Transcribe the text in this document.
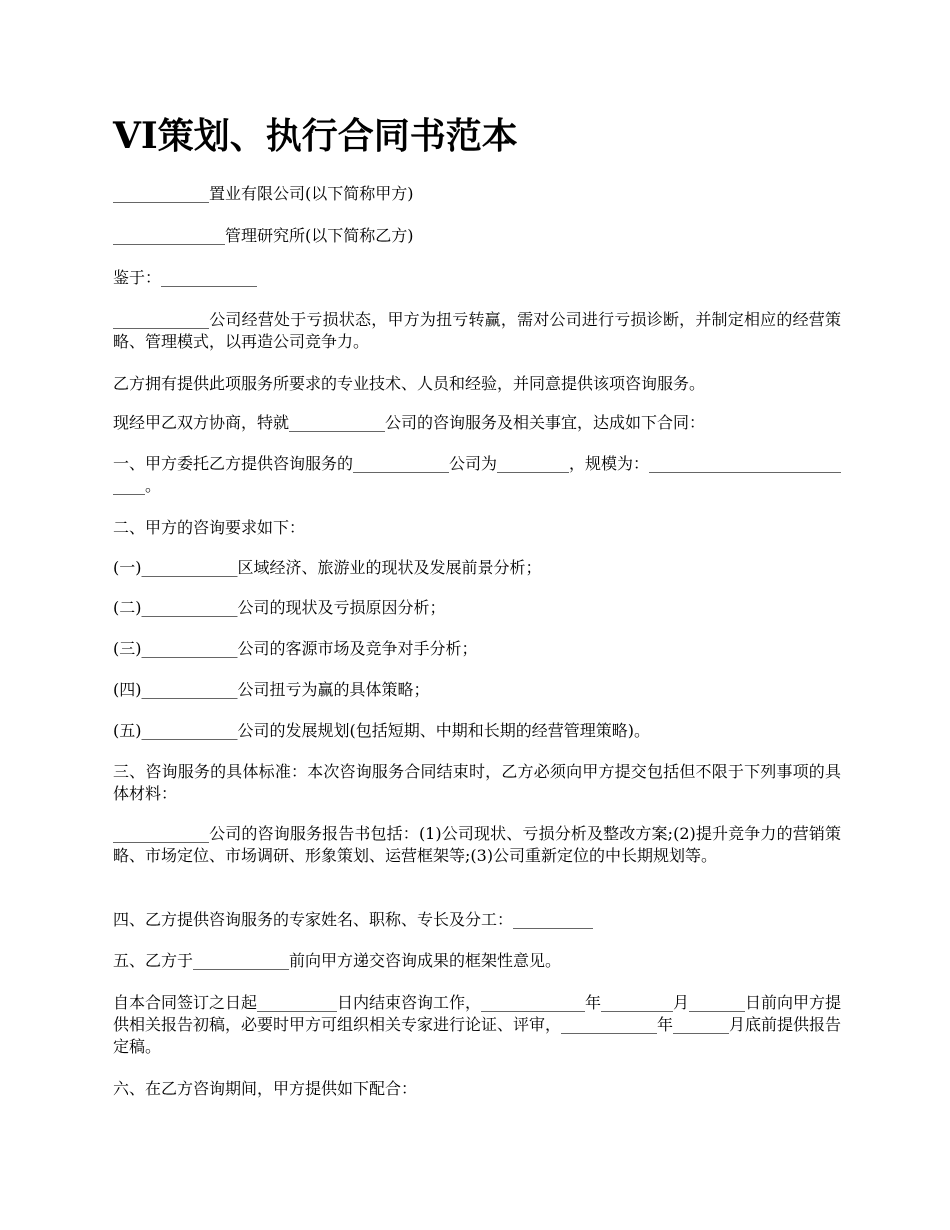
VI策划、执行合同书范本

____________置业有限公司(以下简称甲方)

______________管理研究所(以下简称乙方)

鉴于：____________

____________公司经营处于亏损状态，甲方为扭亏转赢，需对公司进行亏损诊断，并制定相应的经营策略、管理模式，以再造公司竞争力。

乙方拥有提供此项服务所要求的专业技术、人员和经验，并同意提供该项咨询服务。

现经甲乙双方协商，特就____________公司的咨询服务及相关事宜，达成如下合同：

一、甲方委托乙方提供咨询服务的____________公司为_________，规模为：____________________________。

二、甲方的咨询要求如下：

(一)____________区域经济、旅游业的现状及发展前景分析；

(二)____________公司的现状及亏损原因分析；

(三)____________公司的客源市场及竞争对手分析；

(四)____________公司扭亏为赢的具体策略；

(五)____________公司的发展规划(包括短期、中期和长期的经营管理策略)。

三、咨询服务的具体标准：本次咨询服务合同结束时，乙方必须向甲方提交包括但不限于下列事项的具体材料：

____________公司的咨询服务报告书包括：(1)公司现状、亏损分析及整改方案;(2)提升竞争力的营销策略、市场定位、市场调研、形象策划、运营框架等;(3)公司重新定位的中长期规划等。

四、乙方提供咨询服务的专家姓名、职称、专长及分工：__________

五、乙方于____________前向甲方递交咨询成果的框架性意见。

自本合同签订之日起__________日内结束咨询工作，_____________年_________月_______日前向甲方提供相关报告初稿，必要时甲方可组织相关专家进行论证、评审，____________年_______月底前提供报告定稿。

六、在乙方咨询期间，甲方提供如下配合：
